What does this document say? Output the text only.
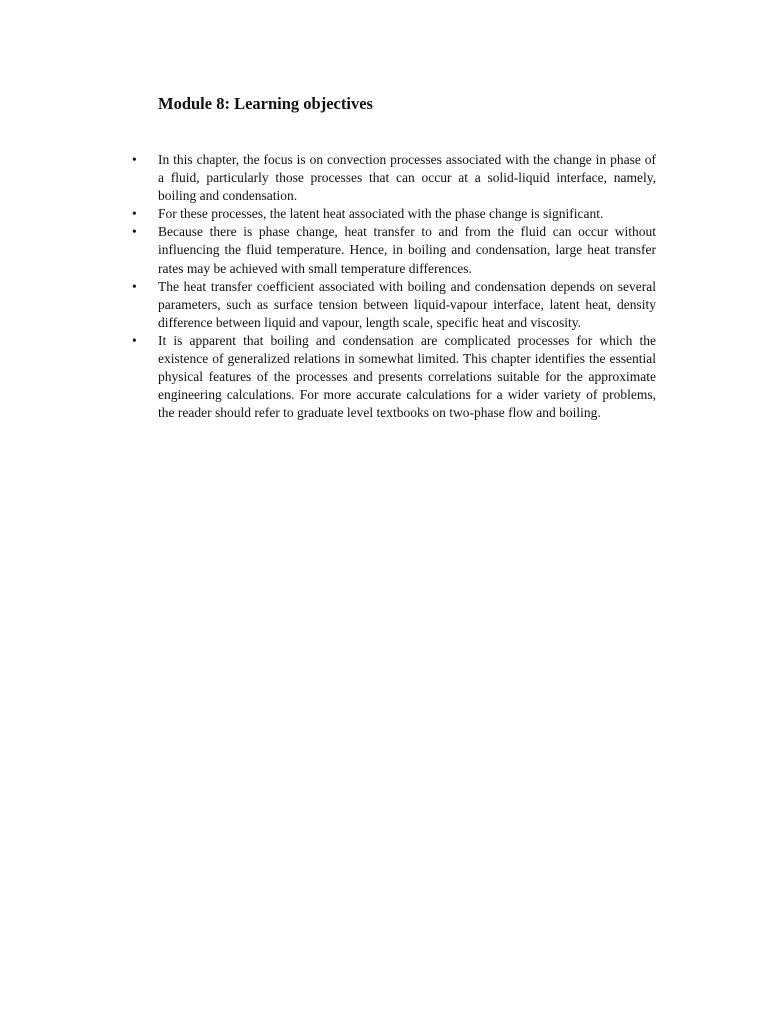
Module 8: Learning objectives
• In this chapter, the focus is on convection processes associated with the change in phase of a fluid, particularly those processes that can occur at a solid-liquid interface, namely, boiling and condensation.
• For these processes, the latent heat associated with the phase change is significant.
• Because there is phase change, heat transfer to and from the fluid can occur without influencing the fluid temperature. Hence, in boiling and condensation, large heat transfer rates may be achieved with small temperature differences.
• The heat transfer coefficient associated with boiling and condensation depends on several parameters, such as surface tension between liquid-vapour interface, latent heat, density difference between liquid and vapour, length scale, specific heat and viscosity.
• It is apparent that boiling and condensation are complicated processes for which the existence of generalized relations in somewhat limited. This chapter identifies the essential physical features of the processes and presents correlations suitable for the approximate engineering calculations. For more accurate calculations for a wider variety of problems, the reader should refer to graduate level textbooks on two-phase flow and boiling.
